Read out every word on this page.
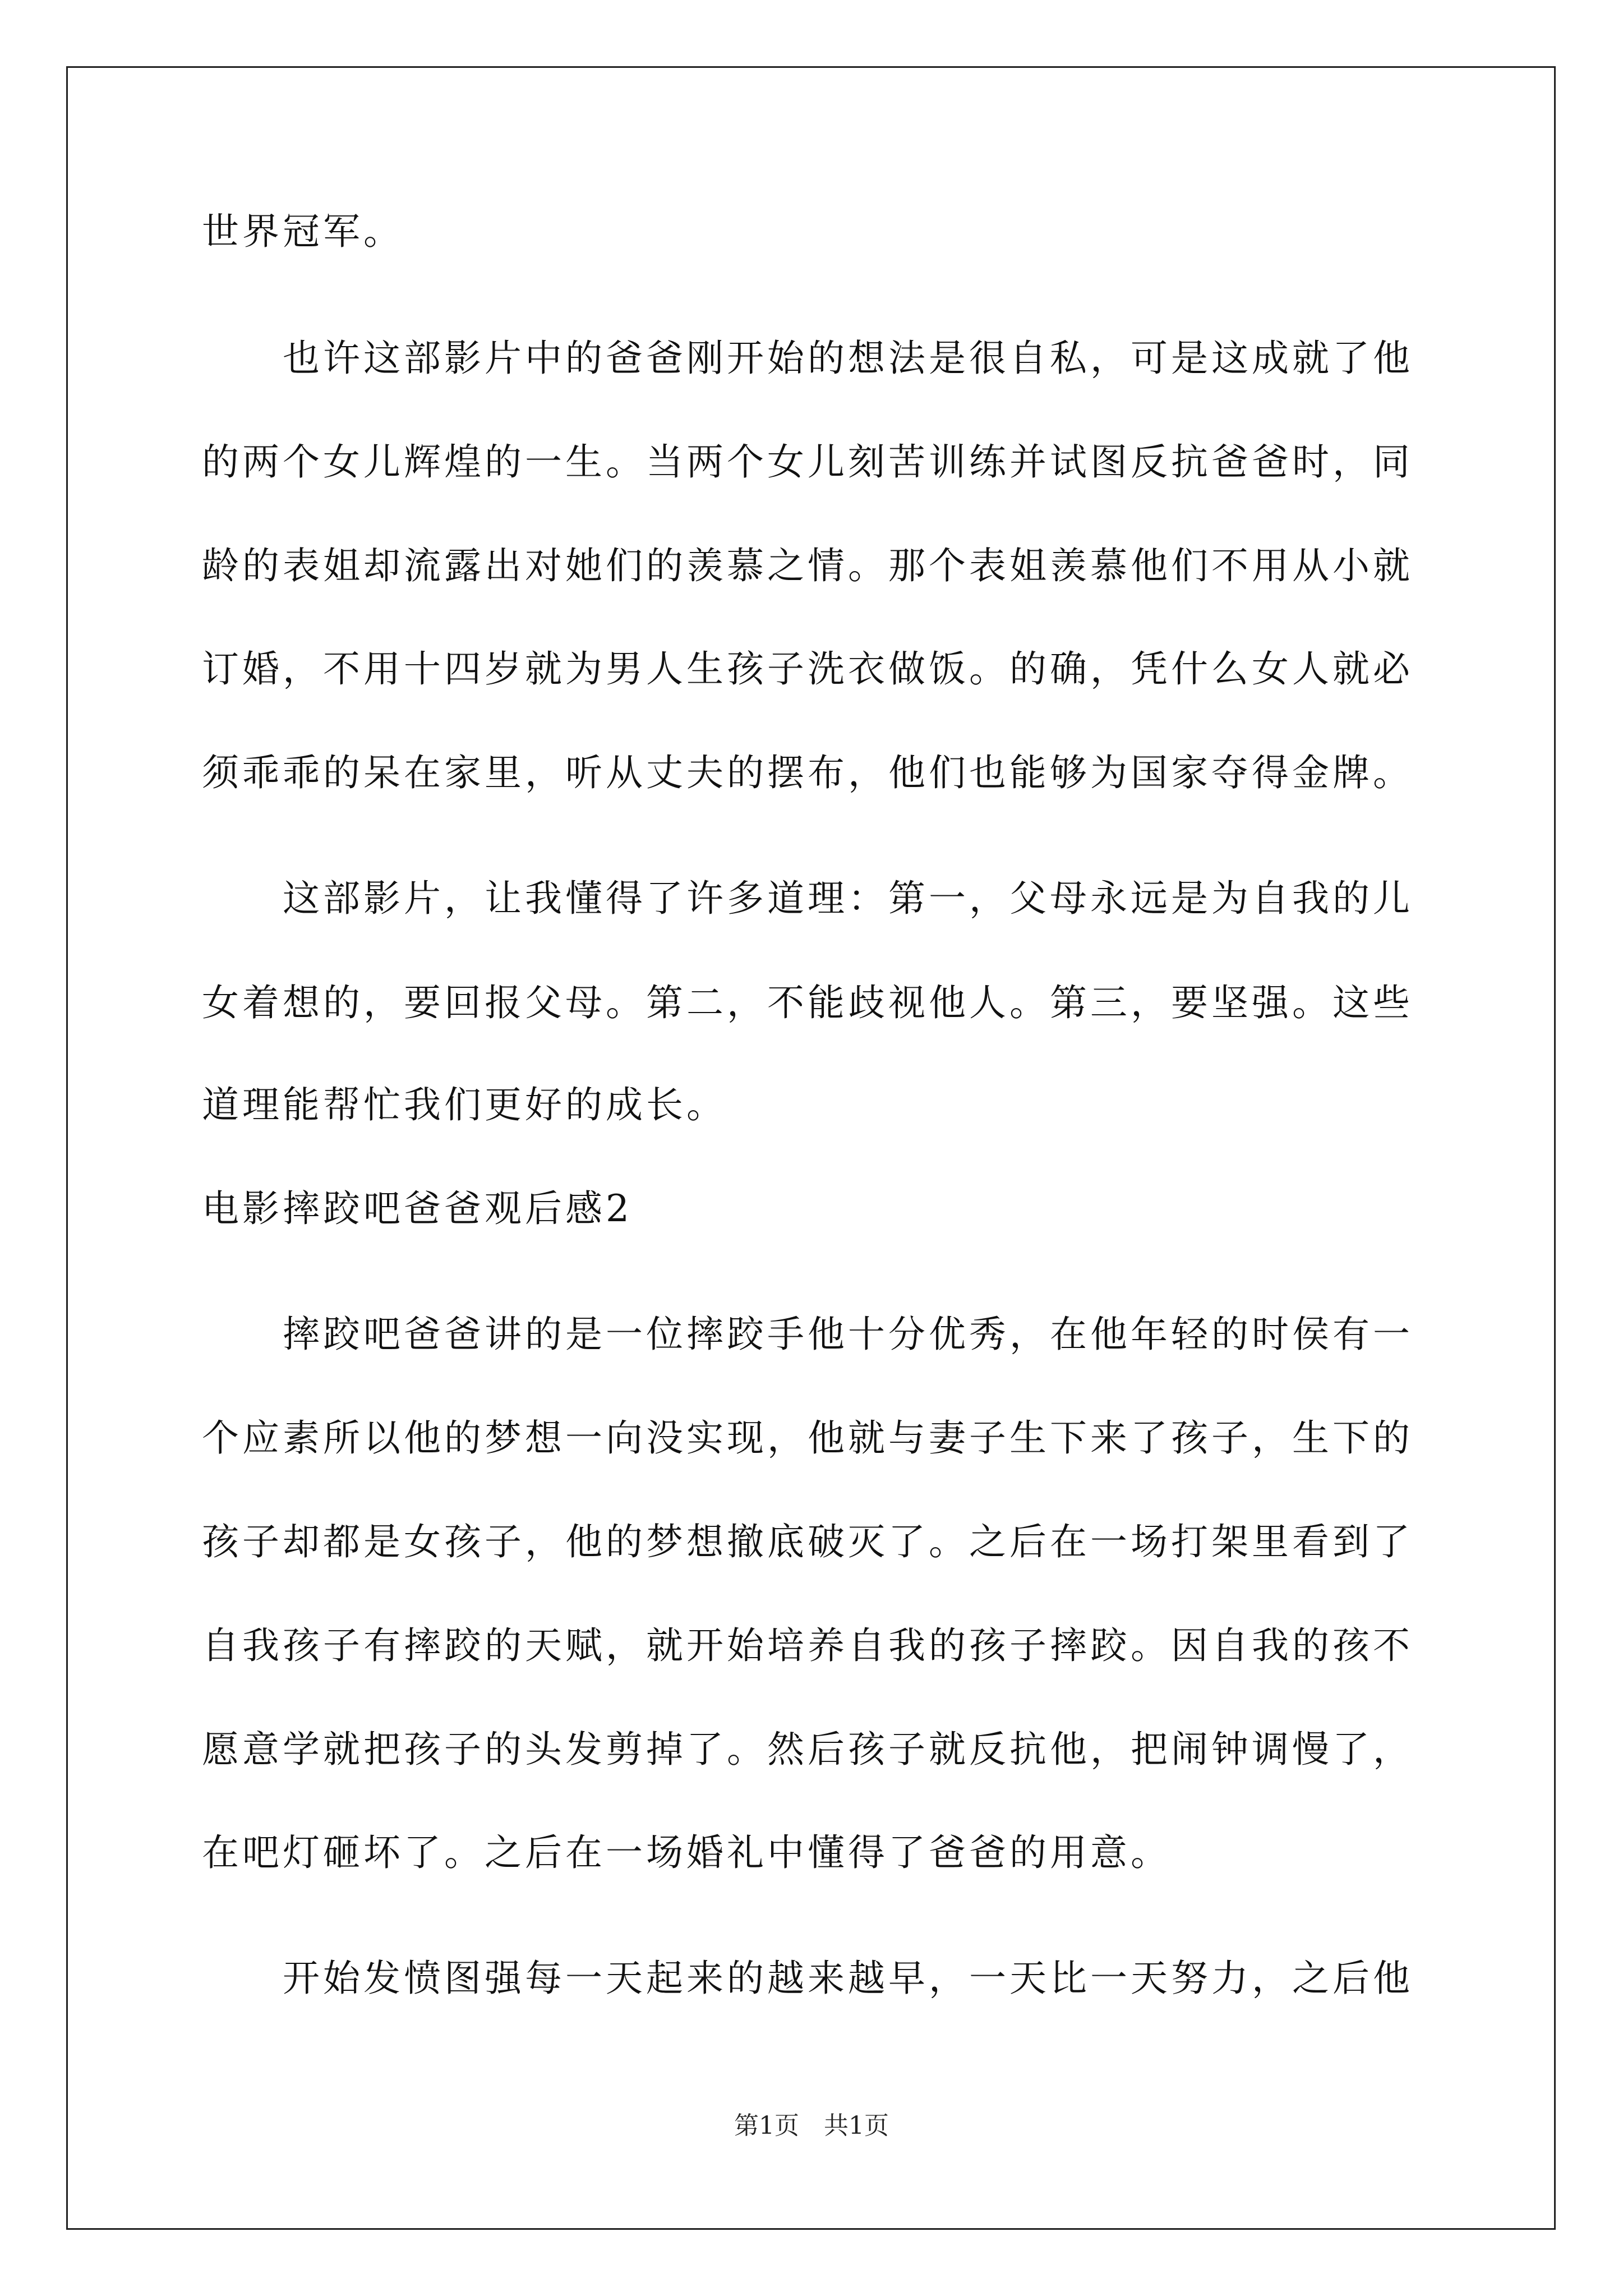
世界冠军。
也许这部影片中的爸爸刚开始的想法是很自私，可是这成就了他
的两个女儿辉煌的一生。当两个女儿刻苦训练并试图反抗爸爸时，同
龄的表姐却流露出对她们的羡慕之情。那个表姐羡慕他们不用从小就
订婚，不用十四岁就为男人生孩子洗衣做饭。的确，凭什么女人就必
须乖乖的呆在家里，听从丈夫的摆布，他们也能够为国家夺得金牌。
这部影片，让我懂得了许多道理：第一，父母永远是为自我的儿
女着想的，要回报父母。第二，不能歧视他人。第三，要坚强。这些
道理能帮忙我们更好的成长。
电影摔跤吧爸爸观后感2
摔跤吧爸爸讲的是一位摔跤手他十分优秀，在他年轻的时侯有一
个应素所以他的梦想一向没实现，他就与妻子生下来了孩子，生下的
孩子却都是女孩子，他的梦想撤底破灭了。之后在一场打架里看到了
自我孩子有摔跤的天赋，就开始培养自我的孩子摔跤。因自我的孩不
愿意学就把孩子的头发剪掉了。然后孩子就反抗他，把闹钟调慢了，
在吧灯砸坏了。之后在一场婚礼中懂得了爸爸的用意。
开始发愤图强每一天起来的越来越早，一天比一天努力，之后他
第1页　共1页
